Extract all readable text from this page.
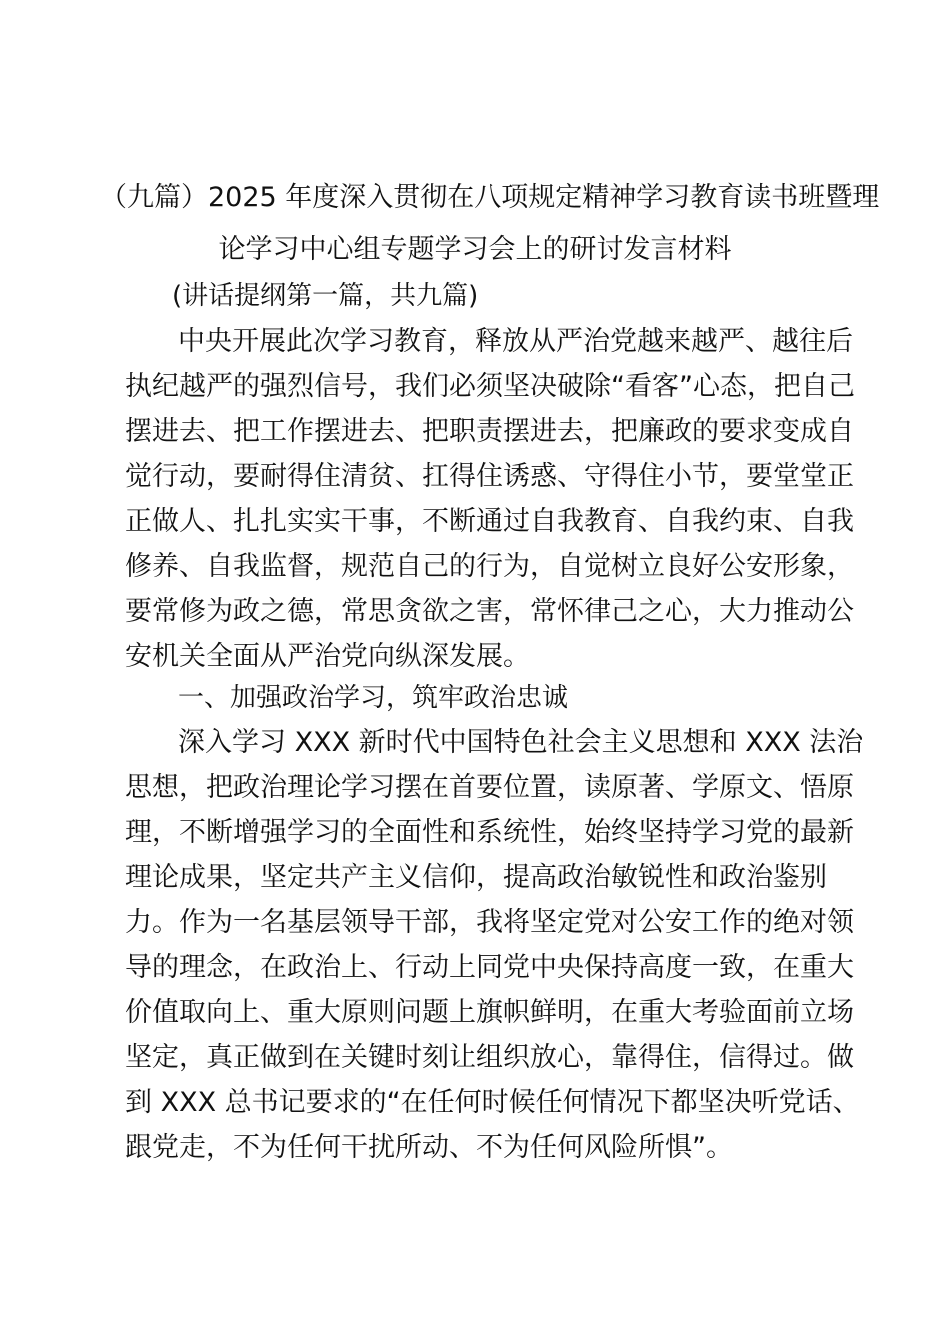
（九篇）2025 年度深入贯彻在八项规定精神学习教育读书班暨理
论学习中心组专题学习会上的研讨发言材料
(讲话提纲第一篇，共九篇)
中央开展此次学习教育，释放从严治党越来越严、越往后
执纪越严的强烈信号，我们必须坚决破除“看客”心态，把自己
摆进去、把工作摆进去、把职责摆进去，把廉政的要求变成自
觉行动，要耐得住清贫、扛得住诱惑、守得住小节，要堂堂正
正做人、扎扎实实干事，不断通过自我教育、自我约束、自我
修养、自我监督，规范自己的行为，自觉树立良好公安形象，
要常修为政之德，常思贪欲之害，常怀律己之心，大力推动公
安机关全面从严治党向纵深发展。
一、加强政治学习，筑牢政治忠诚
深入学习 XXX 新时代中国特色社会主义思想和 XXX 法治
思想，把政治理论学习摆在首要位置，读原著、学原文、悟原
理，不断增强学习的全面性和系统性，始终坚持学习党的最新
理论成果，坚定共产主义信仰，提高政治敏锐性和政治鉴别
力。作为一名基层领导干部，我将坚定党对公安工作的绝对领
导的理念，在政治上、行动上同党中央保持高度一致，在重大
价值取向上、重大原则问题上旗帜鲜明，在重大考验面前立场
坚定，真正做到在关键时刻让组织放心，靠得住，信得过。做
到 XXX 总书记要求的“在任何时候任何情况下都坚决听党话、
跟党走，不为任何干扰所动、不为任何风险所惧”。
